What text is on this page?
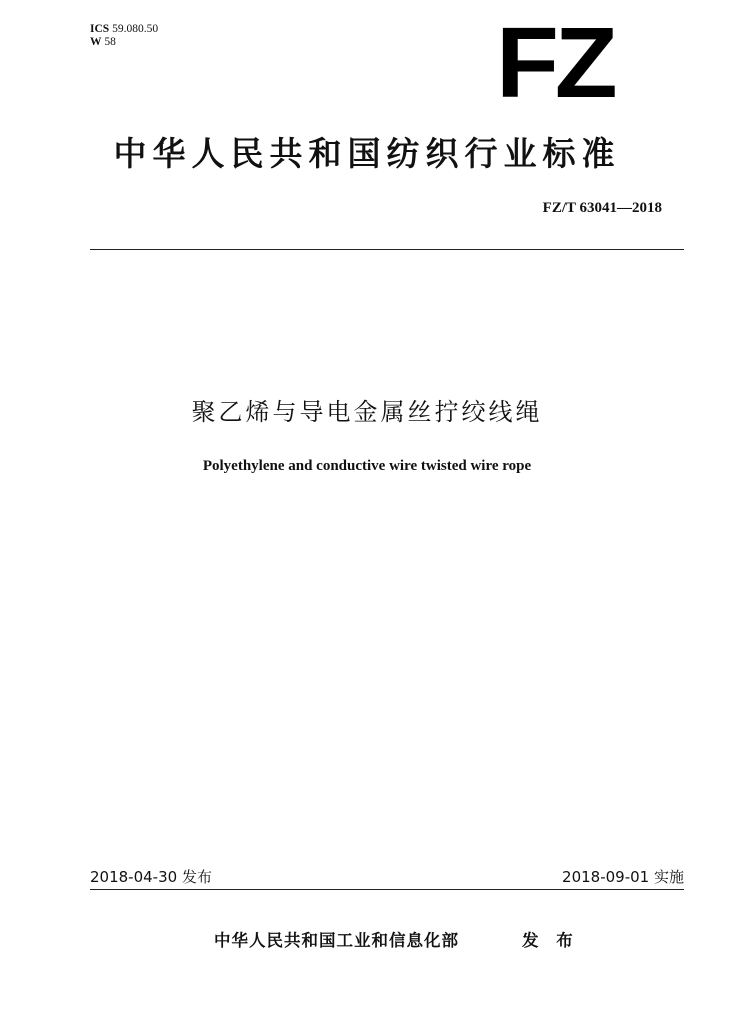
ICS 59.080.50
W 58	FZ
中华人民共和国纺织行业标准
FZ/T 63041—2018
聚乙烯与导电金属丝拧绞线绳
Polyethylene and conductive wire twisted wire rope
2018-04-30 发布	2018-09-01 实施
中华人民共和国工业和信息化部	发 布
